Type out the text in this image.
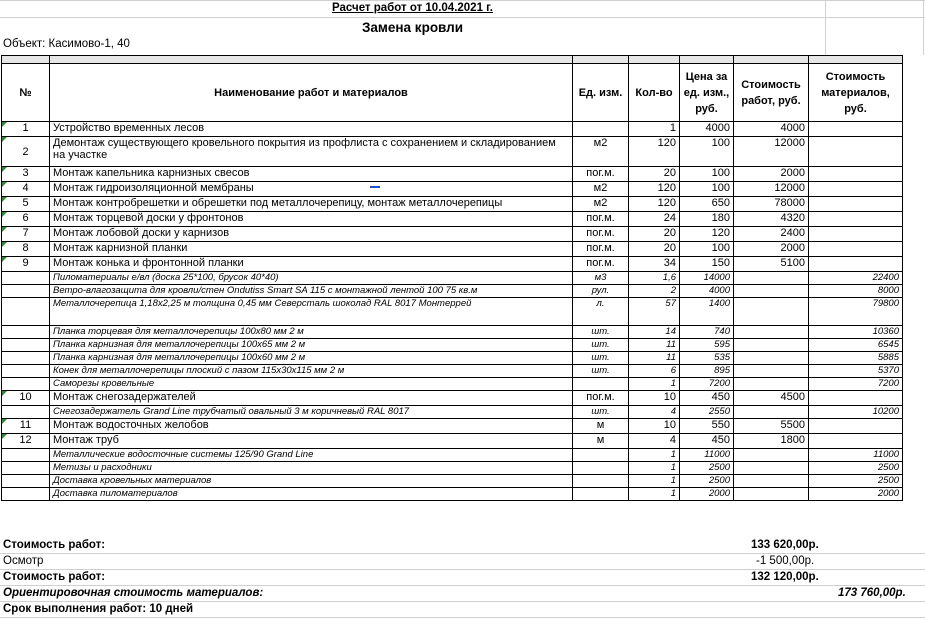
Расчет работ от 10.04.2021 г.
Замена кровли
Объект: Касимово-1, 40

№	Наименование работ и материалов	Ед. изм.	Кол-во	Цена за ед. изм., руб.	Стоимость работ, руб.	Стоимость материалов, руб.
1	Устройство временных лесов		1	4000	4000	
2	Демонтаж существующего кровельного покрытия из профлиста с сохранением и складированием на участке	м2	120	100	12000	
3	Монтаж капельника карнизных свесов	пог.м.	20	100	2000	
4	Монтаж гидроизоляционной мембраны	м2	120	100	12000	
5	Монтаж контробрешетки и обрешетки под металлочерепицу, монтаж металлочерепицы	м2	120	650	78000	
6	Монтаж торцевой доски у фронтонов	пог.м.	24	180	4320	
7	Монтаж лобовой доски у карнизов	пог.м.	20	120	2400	
8	Монтаж карнизной планки	пог.м.	20	100	2000	
9	Монтаж конька и фронтонной планки	пог.м.	34	150	5100	
	Пиломатериалы е/вл (доска 25*100, брусок 40*40)	м3	1,6	14000		22400
	Ветро-влагозащита для кровли/стен Ondutiss Smart SA 115 с монтажной лентой 100 75 кв.м	рул.	2	4000		8000
	Металлочерепица 1,18х2,25 м толщина 0,45 мм Северсталь шоколад RAL 8017 Монтеррей	л.	57	1400		79800
	Планка торцевая для металлочерепицы 100х80 мм 2 м	шт.	14	740		10360
	Планка карнизная для металлочерепицы 100х65 мм 2 м	шт.	11	595		6545
	Планка карнизная для металлочерепицы 100х60 мм 2 м	шт.	11	535		5885
	Конек для металлочерепицы плоский с пазом 115х30х115 мм 2 м	шт.	6	895		5370
	Саморезы кровельные		1	7200		7200
10	Монтаж снегозадержателей	пог.м.	10	450	4500	
	Снегозадержатель Grand Line трубчатый овальный 3 м коричневый RAL 8017	шт.	4	2550		10200
11	Монтаж водосточных желобов	м	10	550	5500	
12	Монтаж труб	м	4	450	1800	
	Металлические водосточные системы 125/90 Grand Line		1	11000		11000
	Метизы и расходники		1	2500		2500
	Доставка кровельных материалов		1	2500		2500
	Доставка пиломатериалов		1	2000		2000
Стоимость работ:	133 620,00р.
Осмотр	-1 500,00р.
Стоимость работ:	132 120,00р.
Ориентировочная стоимость материалов:	173 760,00р.
Срок выполнения работ: 10 дней
